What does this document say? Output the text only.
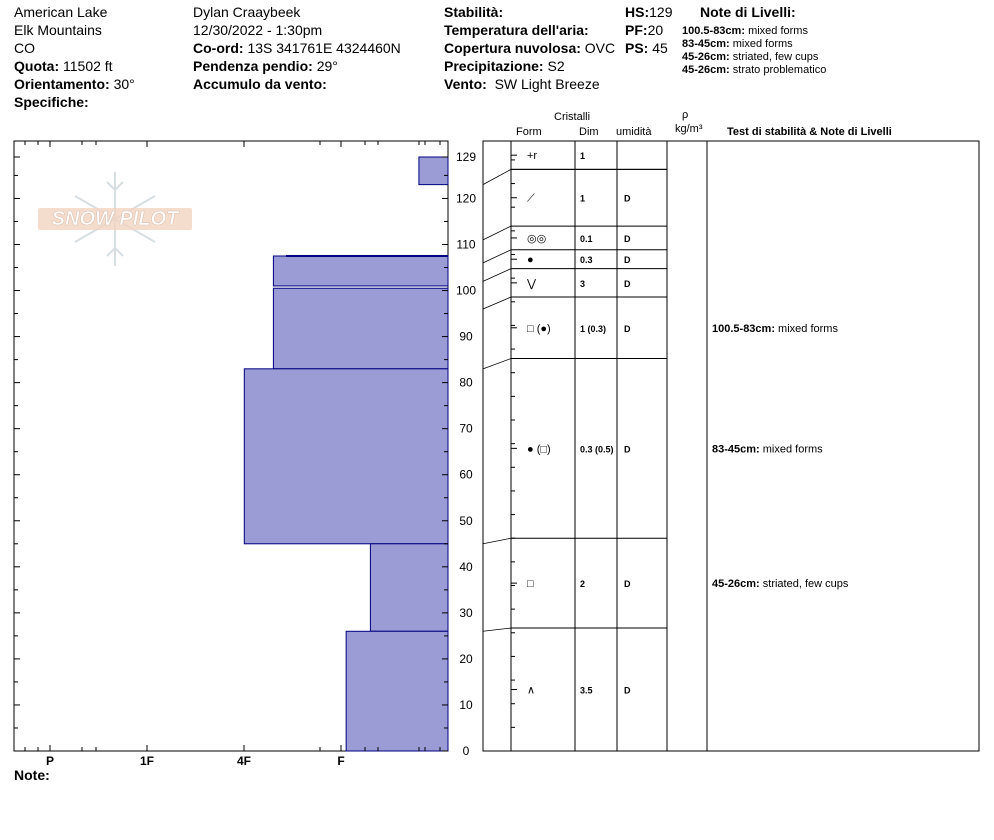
American Lake
Elk Mountains
CO
Quota: 11502 ft
Orientamento: 30°
Specifiche:
Dylan Craaybeek
12/30/2022 - 1:30pm
Co-ord: 13S 341761E 4324460N
Pendenza pendio: 29°
Accumulo da vento:
Stabilità:
Temperatura dell'aria:
Copertura nuvolosa: OVC
Precipitazione: S2
Vento: SW Light Breeze
HS:129
PF:20
PS: 45
Note di Livelli:
100.5-83cm: mixed forms
83-45cm: mixed forms
45-26cm: striated, few cups
45-26cm: strato problematico
Cristalli
Form	Dim umidità
ρ
kg/m³ Test di stabilità & Note di Livelli
Note:
SNOW PILOT
P	1F	4F	F
0
10
20
30
40
50
60
70
80
90
100
110
120
129	+r	1
⟋	1	D
◎◎	0.1	D
●	0.3	D
⋁	3	D
□ (●)	1 (0.3) D	100.5-83cm: mixed forms
● (□)	0.3 (0.5) D	83-45cm: mixed forms
□	2	D	45-26cm: striated, few cups
∧	3.5	D
